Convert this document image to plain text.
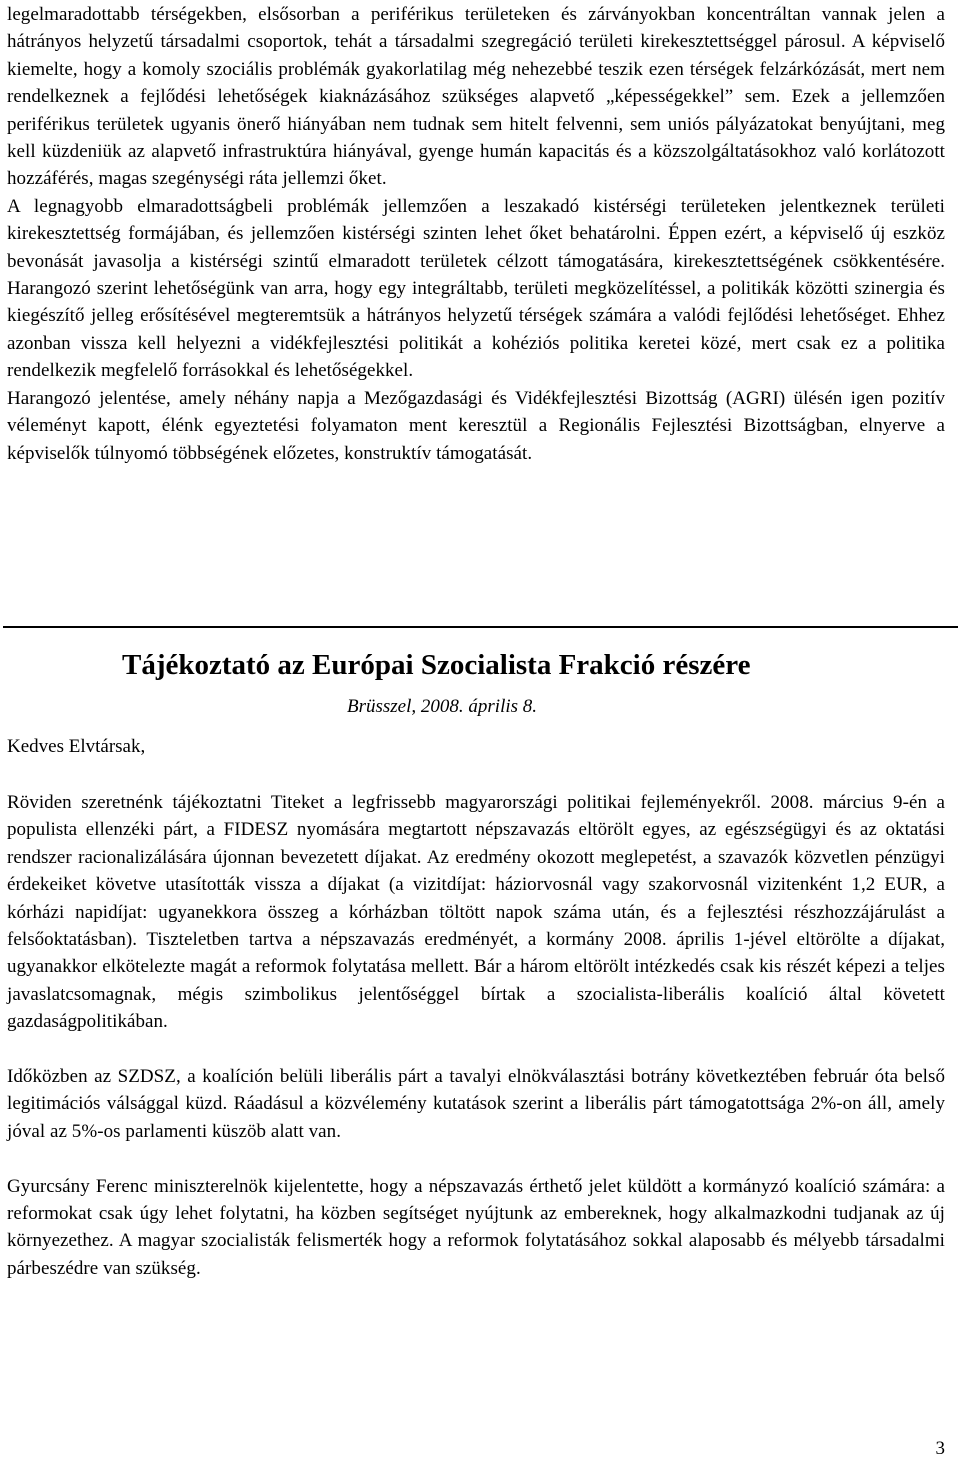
legelmaradottabb térségekben, elsősorban a periférikus területeken és zárványokban koncentráltan vannak jelen a hátrányos helyzetű társadalmi csoportok, tehát a társadalmi szegregáció területi kirekesztettséggel párosul. A képviselő kiemelte, hogy a komoly szociális problémák gyakorlatilag még nehezebbé teszik ezen térségek felzárkózását, mert nem rendelkeznek a fejlődési lehetőségek kiaknázásához szükséges alapvető „képességekkel” sem. Ezek a jellemzően periférikus területek ugyanis önerő hiányában nem tudnak sem hitelt felvenni, sem uniós pályázatokat benyújtani, meg kell küzdeniük az alapvető infrastruktúra hiányával, gyenge humán kapacitás és a közszolgáltatásokhoz való korlátozott hozzáférés, magas szegénységi ráta jellemzi őket.

A legnagyobb elmaradottságbeli problémák jellemzően a leszakadó kistérségi területeken jelentkeznek területi kirekesztettség formájában, és jellemzően kistérségi szinten lehet őket behatárolni. Éppen ezért, a képviselő új eszköz bevonását javasolja a kistérségi szintű elmaradott területek célzott támogatására, kirekesztettségének csökkentésére. Harangozó szerint lehetőségünk van arra, hogy egy integráltabb, területi megközelítéssel, a politikák közötti szinergia és kiegészítő jelleg erősítésével megteremtsük a hátrányos helyzetű térségek számára a valódi fejlődési lehetőséget. Ehhez azonban vissza kell helyezni a vidékfejlesztési politikát a kohéziós politika keretei közé, mert csak ez a politika rendelkezik megfelelő forrásokkal és lehetőségekkel.

Harangozó jelentése, amely néhány napja a Mezőgazdasági és Vidékfejlesztési Bizottság (AGRI) ülésén igen pozitív véleményt kapott, élénk egyeztetési folyamaton ment keresztül a Regionális Fejlesztési Bizottságban, elnyerve a képviselők túlnyomó többségének előzetes, konstruktív támogatását.

Tájékoztató az Európai Szocialista Frakció részére
Brüsszel, 2008. április 8.
Kedves Elvtársak,

Röviden szeretnénk tájékoztatni Titeket a legfrissebb magyarországi politikai fejleményekről. 2008. március 9-én a populista ellenzéki párt, a FIDESZ nyomására megtartott népszavazás eltörölt egyes, az egészségügyi és az oktatási rendszer racionalizálására újonnan bevezetett díjakat. Az eredmény okozott meglepetést, a szavazók közvetlen pénzügyi érdekeiket követve utasították vissza a díjakat (a vizitdíjat: háziorvosnál vagy szakorvosnál vizitenként 1,2 EUR, a kórházi napidíjat: ugyanekkora összeg a kórházban töltött napok száma után, és a fejlesztési részhozzájárulást a felsőoktatásban). Tiszteletben tartva a népszavazás eredményét, a kormány 2008. április 1-jével eltörölte a díjakat, ugyanakkor elkötelezte magát a reformok folytatása mellett. Bár a három eltörölt intézkedés csak kis részét képezi a teljes javaslatcsomagnak, mégis szimbolikus jelentőséggel bírtak a szocialista-liberális koalíció által követett gazdaságpolitikában.

Időközben az SZDSZ, a koalíción belüli liberális párt a tavalyi elnökválasztási botrány következtében február óta belső legitimációs válsággal küzd. Ráadásul a közvélemény kutatások szerint a liberális párt támogatottsága 2%-on áll, amely jóval az 5%-os parlamenti küszöb alatt van.

Gyurcsány Ferenc miniszterelnök kijelentette, hogy a népszavazás érthető jelet küldött a kormányzó koalíció számára: a reformokat csak úgy lehet folytatni, ha közben segítséget nyújtunk az embereknek, hogy alkalmazkodni tudjanak az új környezethez. A magyar szocialisták felismerték hogy a reformok folytatásához sokkal alaposabb és mélyebb társadalmi párbeszédre van szükség.

3
